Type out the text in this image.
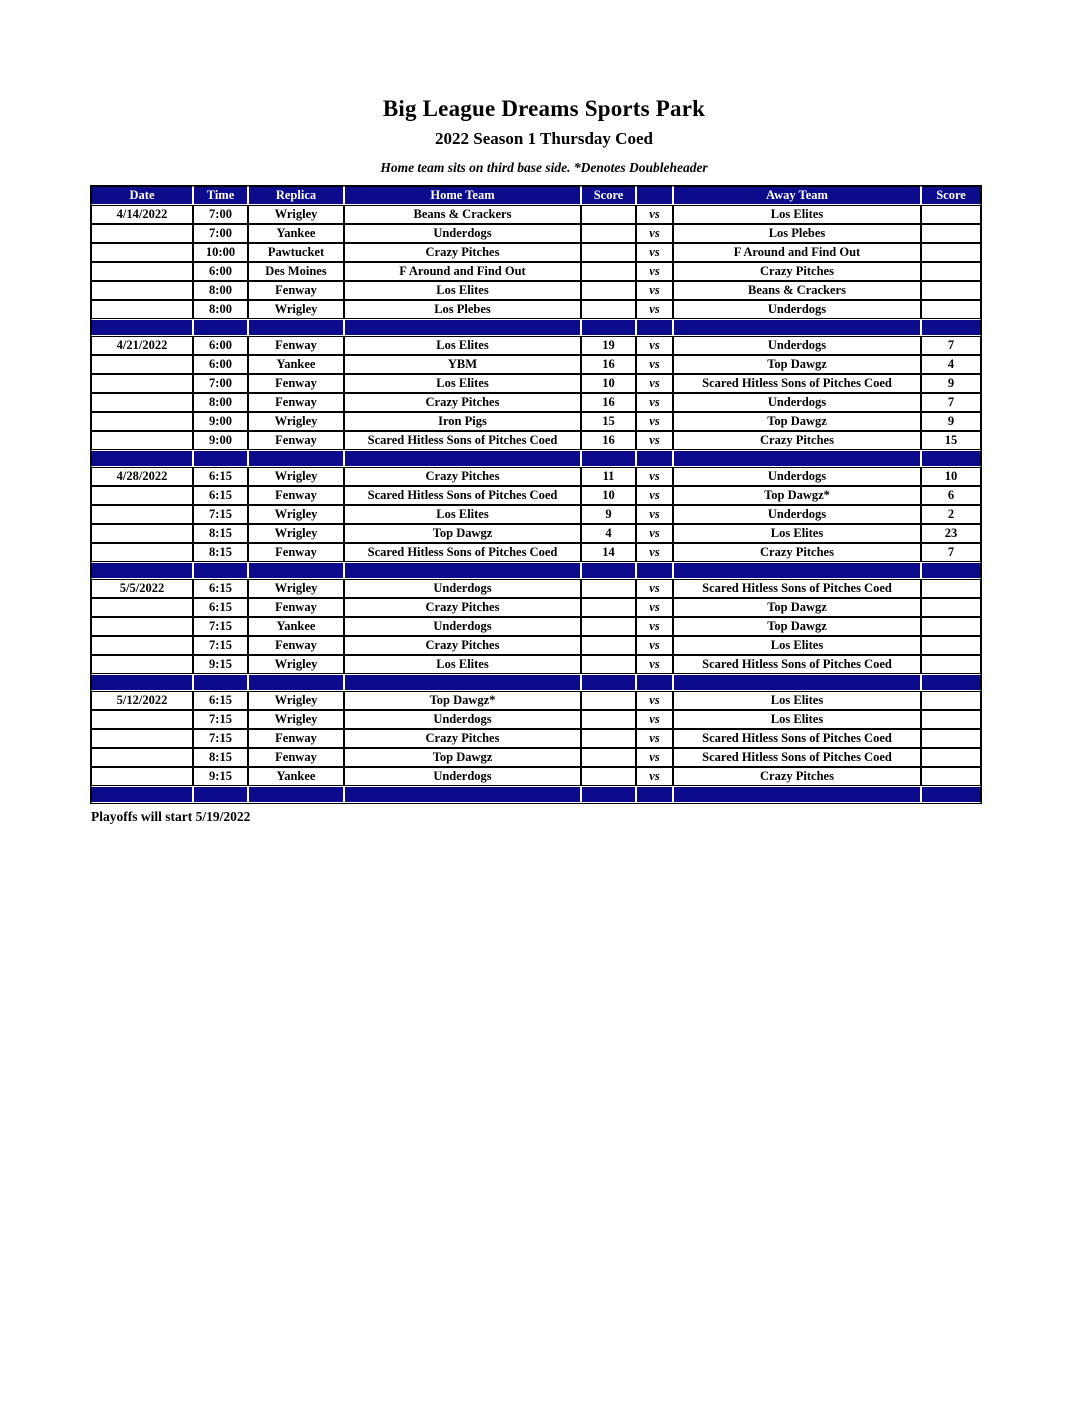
Big League Dreams Sports Park
2022 Season 1 Thursday Coed
Home team sits on third base side. *Denotes Doubleheader
Date	Time	Replica	Home Team	Score		Away Team	Score
4/14/2022	7:00	Wrigley	Beans & Crackers		vs	Los Elites	
	7:00	Yankee	Underdogs		vs	Los Plebes	
	10:00	Pawtucket	Crazy Pitches		vs	F Around and Find Out	
	6:00	Des Moines	F Around and Find Out		vs	Crazy Pitches	
	8:00	Fenway	Los Elites		vs	Beans & Crackers	
	8:00	Wrigley	Los Plebes		vs	Underdogs	

4/21/2022	6:00	Fenway	Los Elites	19	vs	Underdogs	7
	6:00	Yankee	YBM	16	vs	Top Dawgz	4
	7:00	Fenway	Los Elites	10	vs	Scared Hitless Sons of Pitches Coed	9
	8:00	Fenway	Crazy Pitches	16	vs	Underdogs	7
	9:00	Wrigley	Iron Pigs	15	vs	Top Dawgz	9
	9:00	Fenway	Scared Hitless Sons of Pitches Coed	16	vs	Crazy Pitches	15

4/28/2022	6:15	Wrigley	Crazy Pitches	11	vs	Underdogs	10
	6:15	Fenway	Scared Hitless Sons of Pitches Coed	10	vs	Top Dawgz*	6
	7:15	Wrigley	Los Elites	9	vs	Underdogs	2
	8:15	Wrigley	Top Dawgz	4	vs	Los Elites	23
	8:15	Fenway	Scared Hitless Sons of Pitches Coed	14	vs	Crazy Pitches	7

5/5/2022	6:15	Wrigley	Underdogs		vs	Scared Hitless Sons of Pitches Coed	
	6:15	Fenway	Crazy Pitches		vs	Top Dawgz	
	7:15	Yankee	Underdogs		vs	Top Dawgz	
	7:15	Fenway	Crazy Pitches		vs	Los Elites	
	9:15	Wrigley	Los Elites		vs	Scared Hitless Sons of Pitches Coed	

5/12/2022	6:15	Wrigley	Top Dawgz*		vs	Los Elites	
	7:15	Wrigley	Underdogs		vs	Los Elites	
	7:15	Fenway	Crazy Pitches		vs	Scared Hitless Sons of Pitches Coed	
	8:15	Fenway	Top Dawgz		vs	Scared Hitless Sons of Pitches Coed	
	9:15	Yankee	Underdogs		vs	Crazy Pitches	

Playoffs will start 5/19/2022
